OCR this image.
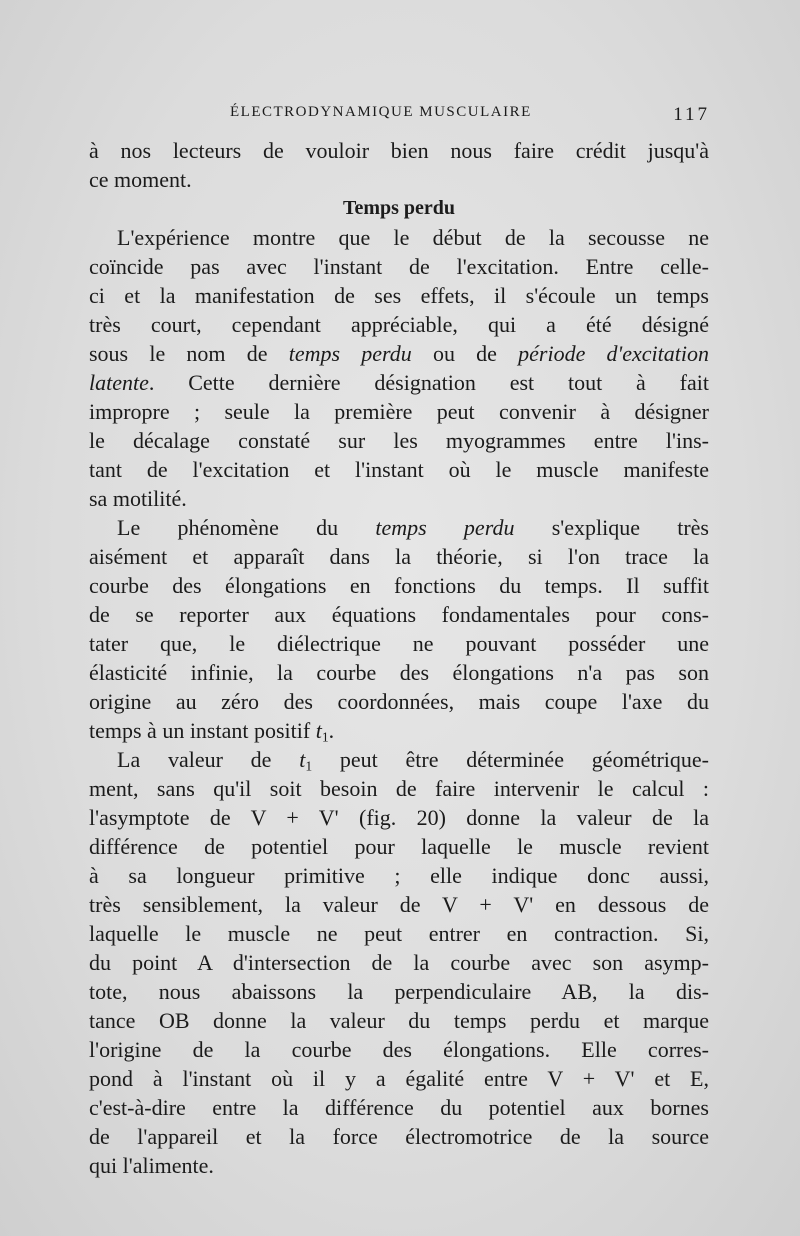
ÉLECTRODYNAMIQUE MUSCULAIRE	117
à nos lecteurs de vouloir bien nous faire crédit jusqu'à
ce moment.
Temps perdu
L'expérience montre que le début de la secousse ne
coïncide pas avec l'instant de l'excitation. Entre celle-
ci et la manifestation de ses effets, il s'écoule un temps
très court, cependant appréciable, qui a été désigné
sous le nom de temps perdu ou de période d'excitation
latente. Cette dernière désignation est tout à fait
impropre ; seule la première peut convenir à désigner
le décalage constaté sur les myogrammes entre l'ins-
tant de l'excitation et l'instant où le muscle manifeste
sa motilité.
Le phénomène du temps perdu s'explique très
aisément et apparaît dans la théorie, si l'on trace la
courbe des élongations en fonctions du temps. Il suffit
de se reporter aux équations fondamentales pour cons-
tater que, le diélectrique ne pouvant posséder une
élasticité infinie, la courbe des élongations n'a pas son
origine au zéro des coordonnées, mais coupe l'axe du
temps à un instant positif $t_1$.
La valeur de $t_1$ peut être déterminée géométrique-
ment, sans qu'il soit besoin de faire intervenir le calcul :
l'asymptote de V + V' (fig. 20) donne la valeur de la
différence de potentiel pour laquelle le muscle revient
à sa longueur primitive ; elle indique donc aussi,
très sensiblement, la valeur de V + V' en dessous de
laquelle le muscle ne peut entrer en contraction. Si,
du point A d'intersection de la courbe avec son asymp-
tote, nous abaissons la perpendiculaire AB, la dis-
tance OB donne la valeur du temps perdu et marque
l'origine de la courbe des élongations. Elle corres-
pond à l'instant où il y a égalité entre V + V' et E,
c'est-à-dire entre la différence du potentiel aux bornes
de l'appareil et la force électromotrice de la source
qui l'alimente.
